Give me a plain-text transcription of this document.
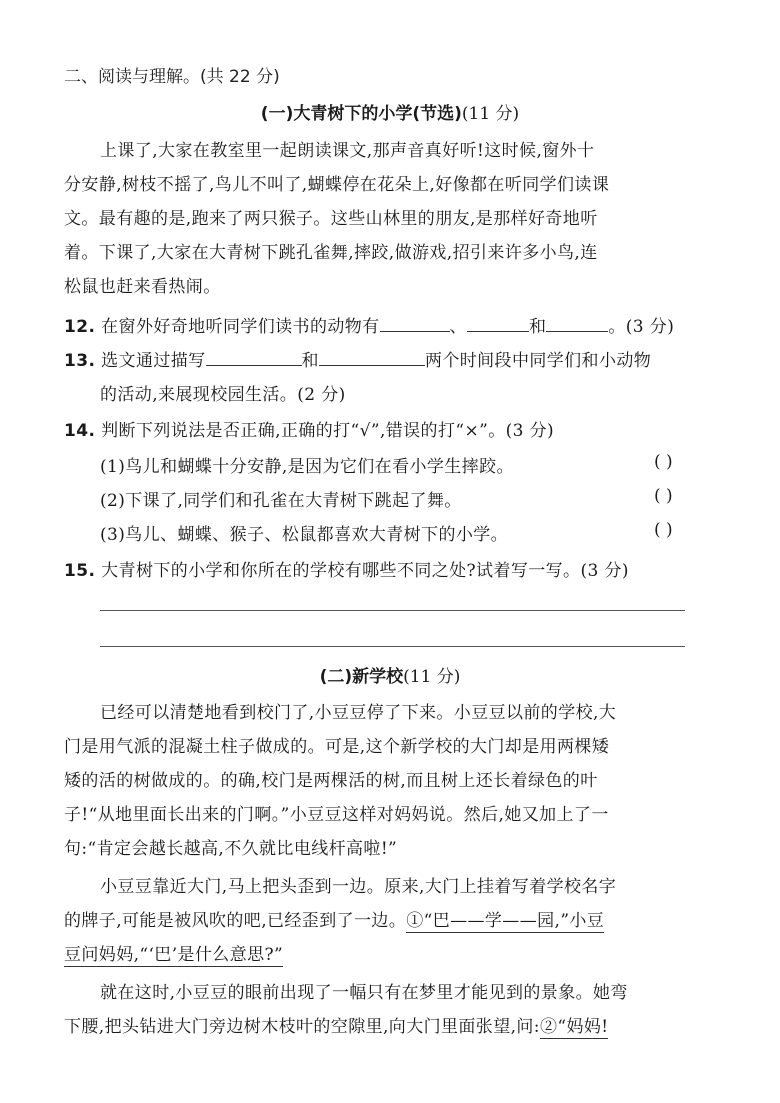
二、阅读与理解。(共 22 分)
(一)大青树下的小学(节选)(11 分)
上课了,大家在教室里一起朗读课文,那声音真好听!这时候,窗外十
分安静,树枝不摇了,鸟儿不叫了,蝴蝶停在花朵上,好像都在听同学们读课
文。最有趣的是,跑来了两只猴子。这些山林里的朋友,是那样好奇地听
着。下课了,大家在大青树下跳孔雀舞,摔跤,做游戏,招引来许多小鸟,连
松鼠也赶来看热闹。
12. 在窗外好奇地听同学们读书的动物有	、	和	。(3 分)
13. 选文通过描写	和	两个时间段中同学们和小动物
的活动,来展现校园生活。(2 分)
14. 判断下列说法是否正确,正确的打“√”,错误的打“×”。(3 分)
(1)鸟儿和蝴蝶十分安静,是因为它们在看小学生摔跤。	( )
(2)下课了,同学们和孔雀在大青树下跳起了舞。	( )
(3)鸟儿、蝴蝶、猴子、松鼠都喜欢大青树下的小学。	( )
15. 大青树下的小学和你所在的学校有哪些不同之处?试着写一写。(3 分)
(二)新学校(11 分)
已经可以清楚地看到校门了,小豆豆停了下来。小豆豆以前的学校,大
门是用气派的混凝土柱子做成的。可是,这个新学校的大门却是用两棵矮
矮的活的树做成的。的确,校门是两棵活的树,而且树上还长着绿色的叶
子!“从地里面长出来的门啊。”小豆豆这样对妈妈说。然后,她又加上了一
句:“肯定会越长越高,不久就比电线杆高啦!”
小豆豆靠近大门,马上把头歪到一边。原来,大门上挂着写着学校名字
的牌子,可能是被风吹的吧,已经歪到了一边。①“巴——学——园,”小豆
豆问妈妈,“‘巴’是什么意思?”
就在这时,小豆豆的眼前出现了一幅只有在梦里才能见到的景象。她弯
下腰,把头钻进大门旁边树木枝叶的空隙里,向大门里面张望,问:②“妈妈!
